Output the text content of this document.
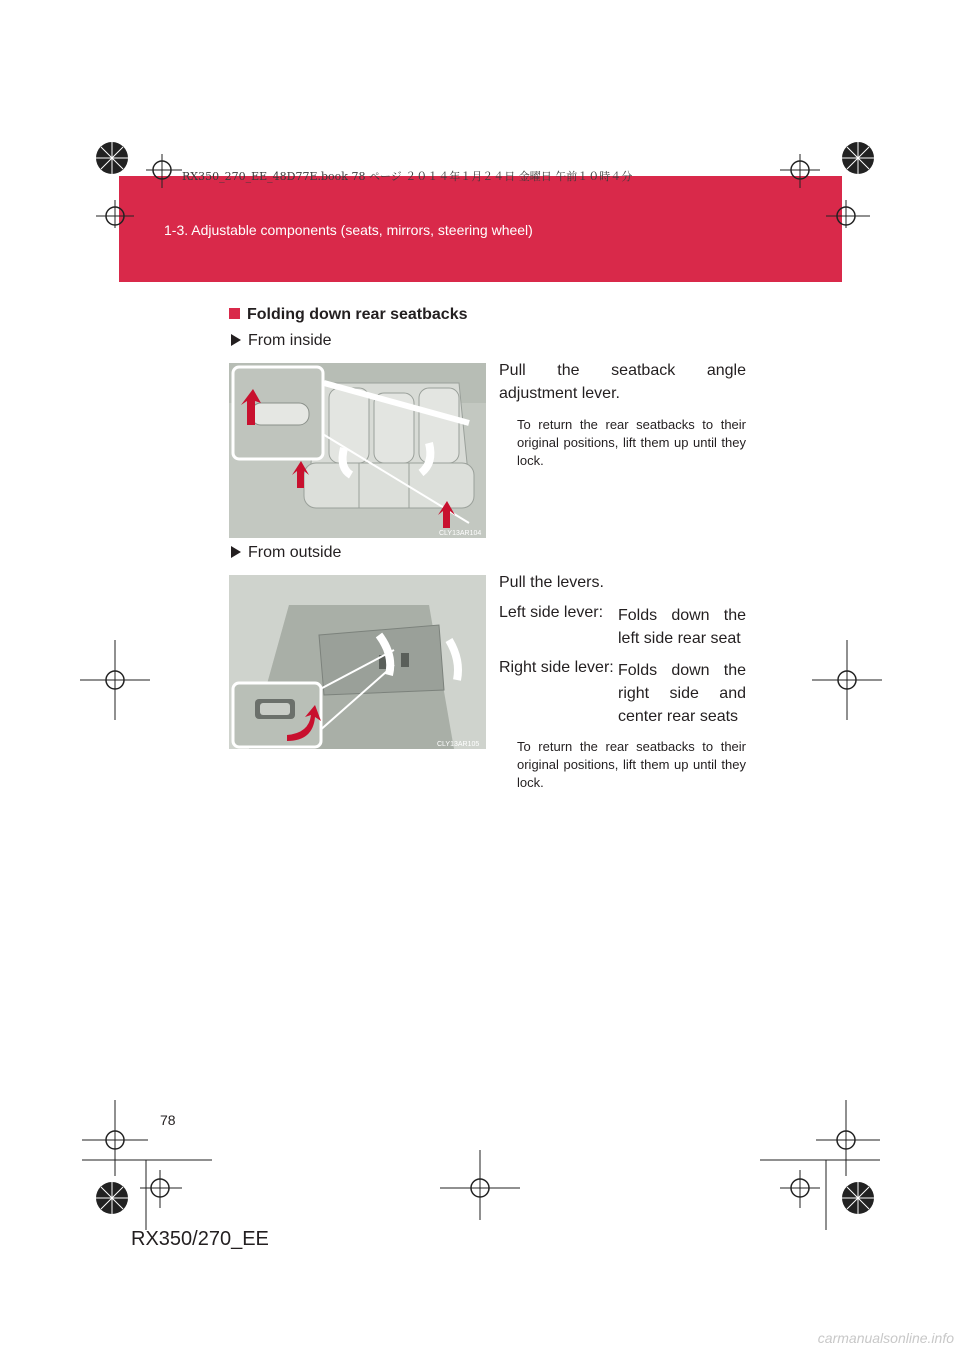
RX350_270_EE_48D77E.book 78 ページ ２０１４年１月２４日 金曜日 午前１０時４分
1-3. Adjustable components (seats, mirrors, steering wheel)
Folding down rear seatbacks
From inside
CLY13AR104
Pull the seatback angle adjustment lever.
To return the rear seatbacks to their original positions, lift them up until they lock.
From outside
CLY13AR105
Pull the levers.
Left side lever: Folds down the
left side rear seat
Right side lever: Folds down the
right side and
center rear seats
To return the rear seatbacks to their original positions, lift them up until they lock.
78
RX350/270_EE
carmanualsonline.info
